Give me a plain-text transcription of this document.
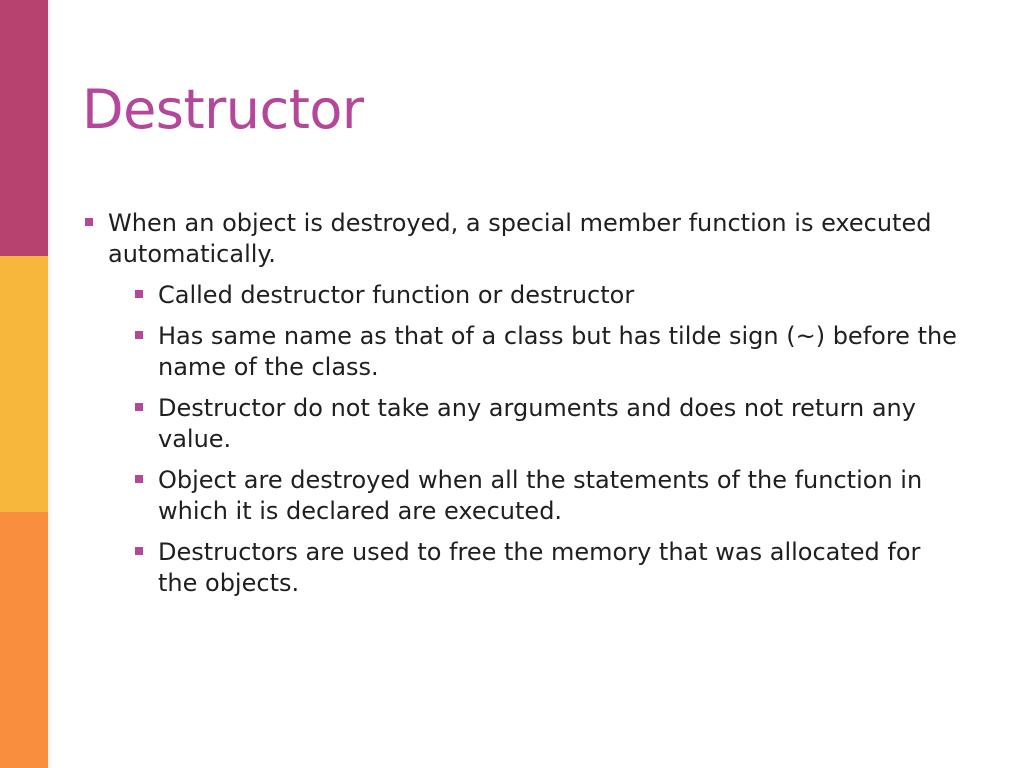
Destructor
When an object is destroyed, a special member function is executed automatically.
Called destructor function or destructor
Has same name as that of a class but has tilde sign (~) before the name of the class.
Destructor do not take any arguments and does not return any value.
Object are destroyed when all the statements of the function in which it is declared are executed.
Destructors are used to free the memory that was allocated for the objects.
